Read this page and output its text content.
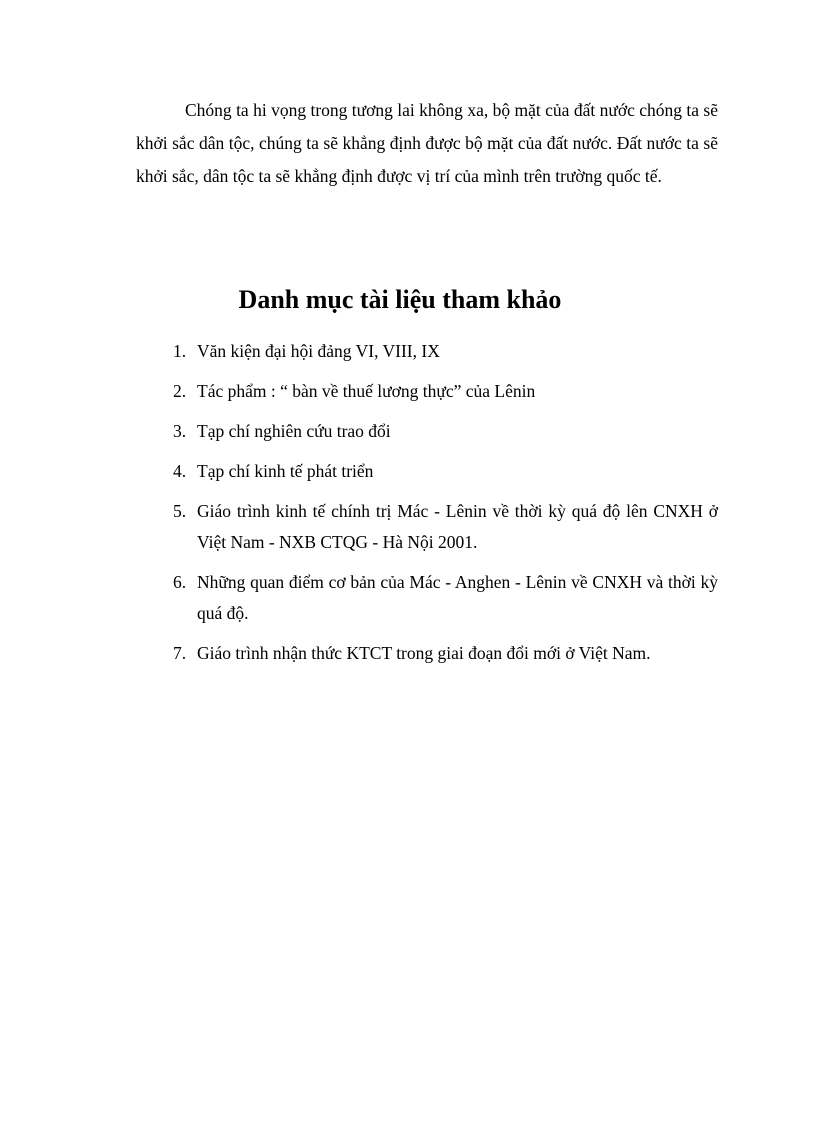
Chóng ta hi vọng trong tương lai không xa, bộ mặt của đất nước chóng ta sẽ khởi sắc dân tộc, chúng ta sẽ khẳng định được bộ mặt của đất nước. Đất nước ta sẽ khởi sắc, dân tộc ta sẽ khẳng định được vị trí của mình trên trường quốc tế.

Danh mục tài liệu tham khảo
1. Văn kiện đại hội đảng VI, VIII, IX
2. Tác phẩm : “ bàn về thuế lương thực” của Lênin
3. Tạp chí nghiên cứu trao đổi
4. Tạp chí kinh tế phát triển
5. Giáo trình kinh tế chính trị Mác - Lênin về thời kỳ quá độ lên CNXH ở Việt Nam - NXB CTQG - Hà Nội 2001.
6. Những quan điểm cơ bản của Mác - Anghen - Lênin về CNXH và thời kỳ quá độ.
7. Giáo trình nhận thức KTCT trong giai đoạn đổi mới ở Việt Nam.
